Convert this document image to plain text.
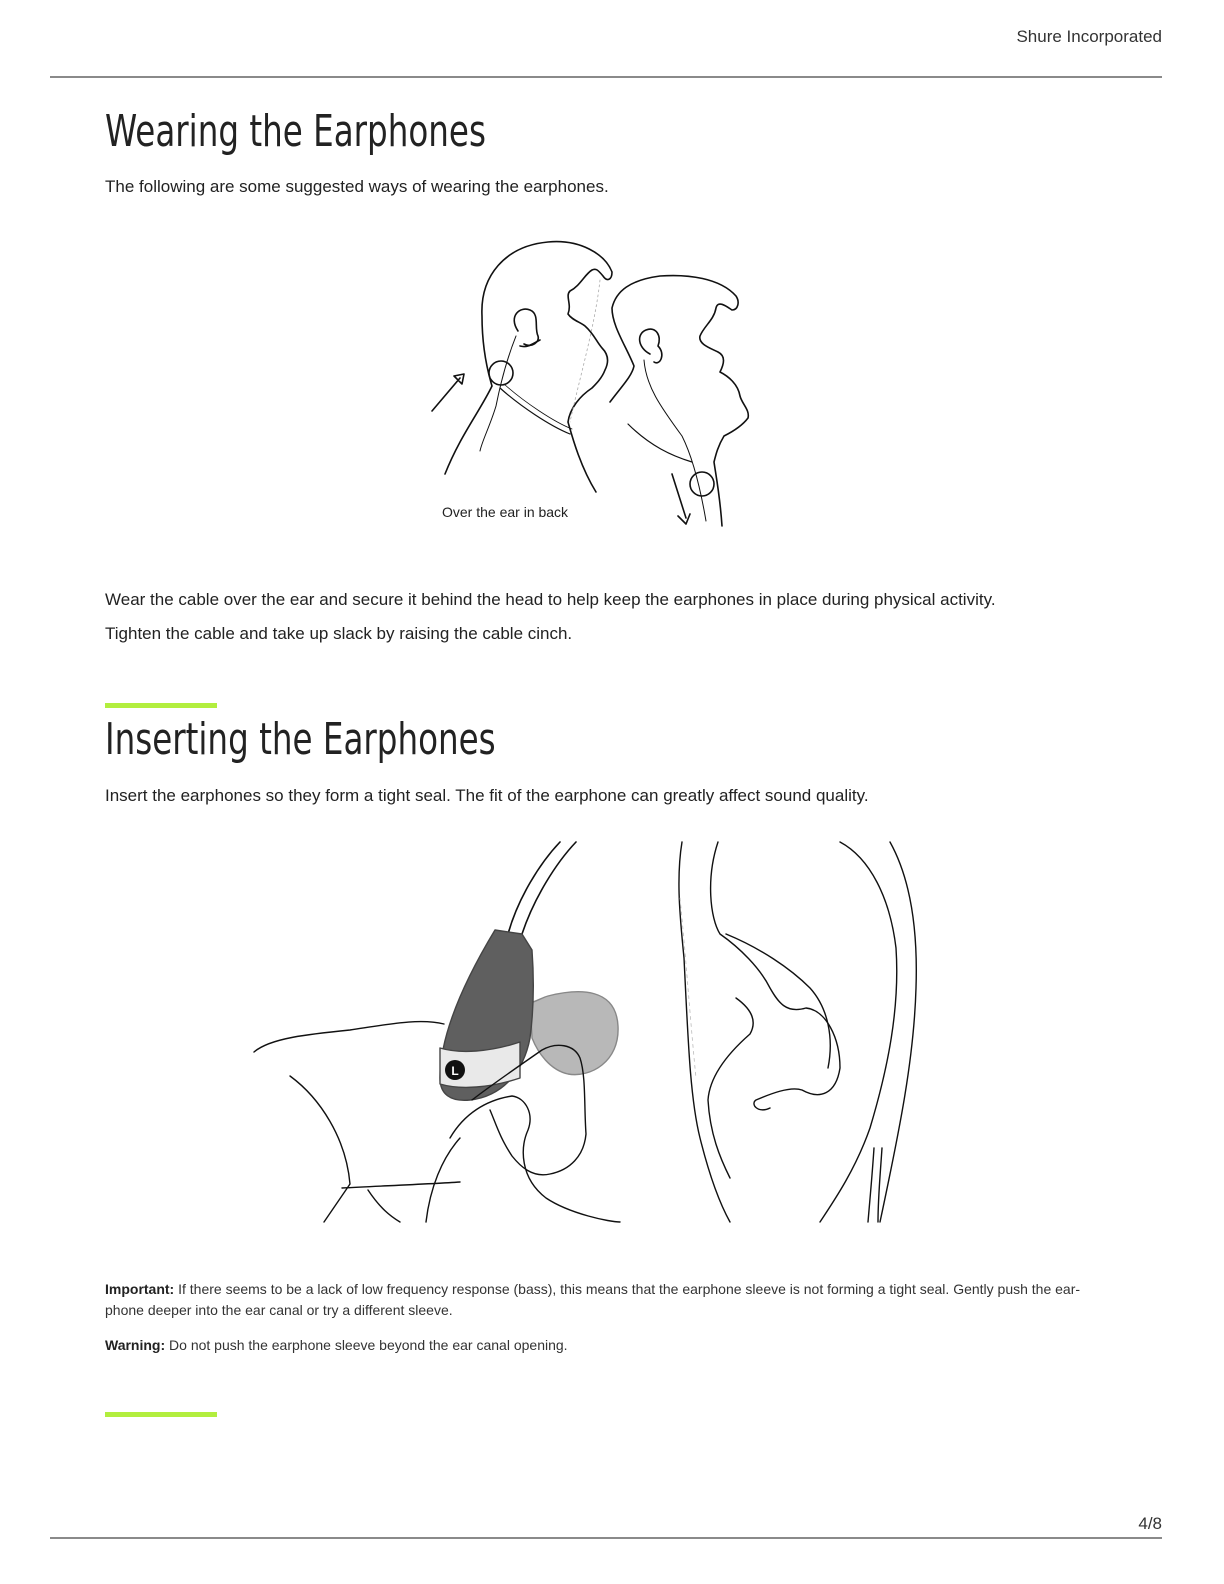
Shure Incorporated
Wearing the Earphones
The following are some suggested ways of wearing the earphones.
Over the ear in back
Wear the cable over the ear and secure it behind the head to help keep the earphones in place during physical activity.
Tighten the cable and take up slack by raising the cable cinch.
Inserting the Earphones
Insert the earphones so they form a tight seal. The fit of the earphone can greatly affect sound quality.
L
Important: If there seems to be a lack of low frequency response (bass), this means that the earphone sleeve is not forming a tight seal. Gently push the ear-phone deeper into the ear canal or try a different sleeve.
Warning: Do not push the earphone sleeve beyond the ear canal opening.
4/8
